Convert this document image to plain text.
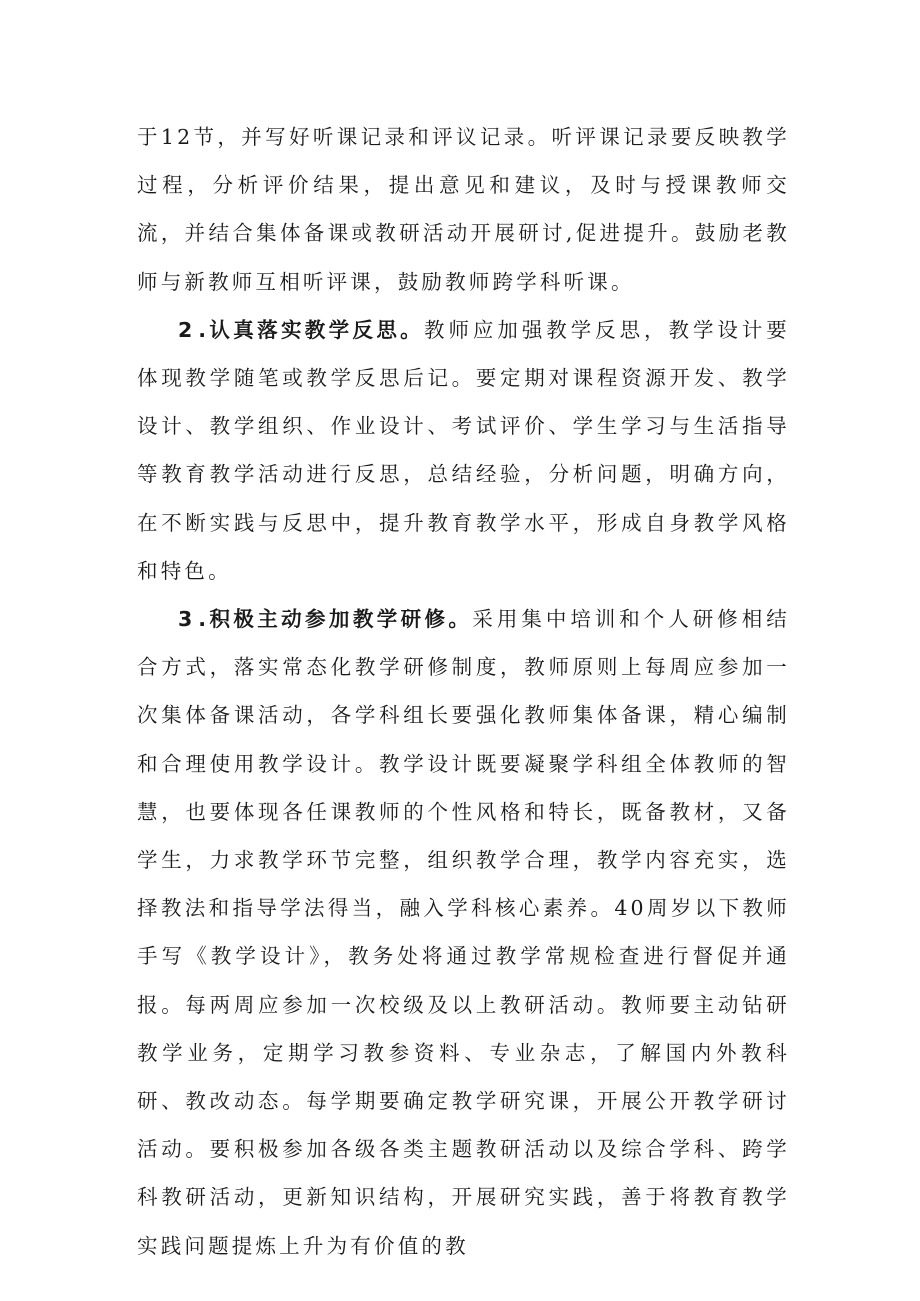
于12节，并写好听课记录和评议记录。听评课记录要反映教学过程，分析评价结果，提出意见和建议，及时与授课教师交流，并结合集体备课或教研活动开展研讨,促进提升。鼓励老教师与新教师互相听评课，鼓励教师跨学科听课。

2.认真落实教学反思。教师应加强教学反思，教学设计要体现教学随笔或教学反思后记。要定期对课程资源开发、教学设计、教学组织、作业设计、考试评价、学生学习与生活指导等教育教学活动进行反思，总结经验，分析问题，明确方向，在不断实践与反思中，提升教育教学水平，形成自身教学风格和特色。

3.积极主动参加教学研修。采用集中培训和个人研修相结合方式，落实常态化教学研修制度，教师原则上每周应参加一次集体备课活动，各学科组长要强化教师集体备课，精心编制和合理使用教学设计。教学设计既要凝聚学科组全体教师的智慧，也要体现各任课教师的个性风格和特长，既备教材，又备学生，力求教学环节完整，组织教学合理，教学内容充实，选择教法和指导学法得当，融入学科核心素养。40周岁以下教师手写《教学设计》，教务处将通过教学常规检查进行督促并通报。每两周应参加一次校级及以上教研活动。教师要主动钻研教学业务，定期学习教参资料、专业杂志，了解国内外教科研、教改动态。每学期要确定教学研究课，开展公开教学研讨活动。要积极参加各级各类主题教研活动以及综合学科、跨学科教研活动，更新知识结构，开展研究实践，善于将教育教学实践问题提炼上升为有价值的教
